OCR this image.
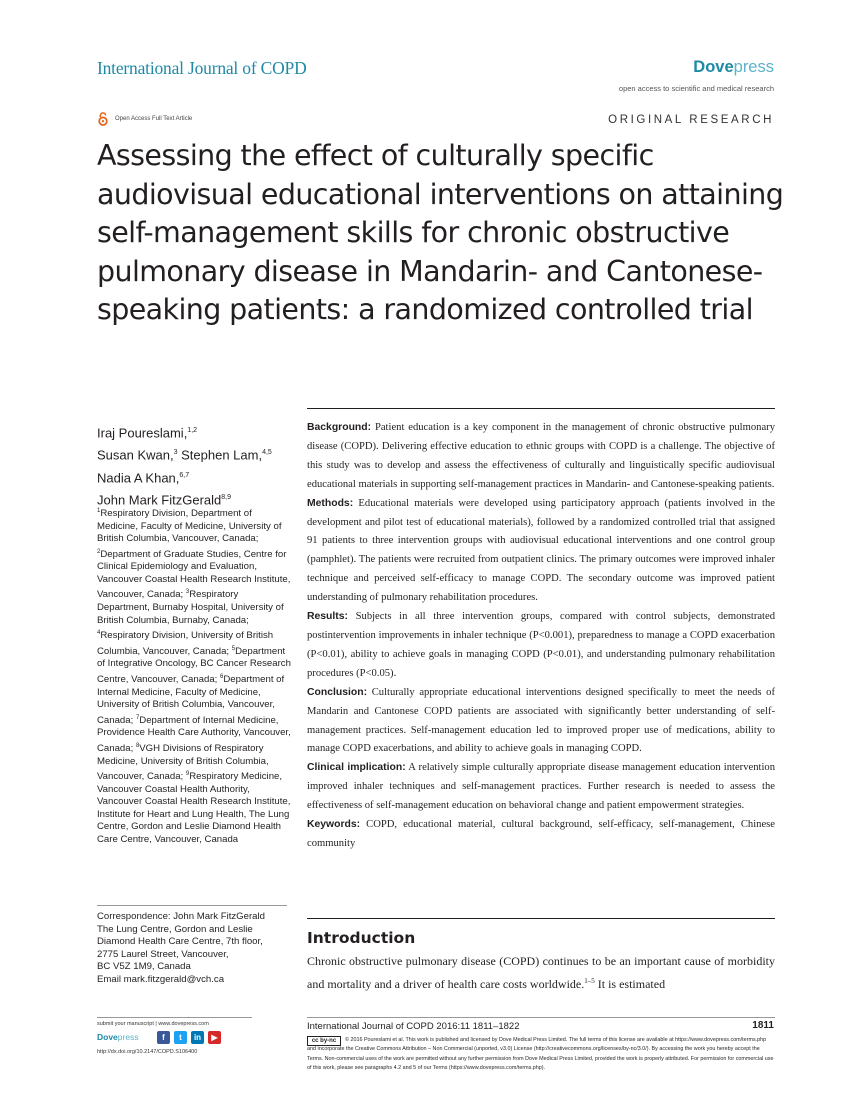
International Journal of COPD	Dovepress
open access to scientific and medical research
Open Access Full Text Article	ORIGINAL RESEARCH
Assessing the effect of culturally specific audiovisual educational interventions on attaining self-management skills for chronic obstructive pulmonary disease in Mandarin- and Cantonese-speaking patients: a randomized controlled trial
Iraj Poureslami,$^{1,2}$
Susan Kwan,$^3$ Stephen Lam,$^{4,5}$ Nadia A Khan,$^{6,7}$
John Mark FitzGerald$^{8,9}$
$^1$Respiratory Division, Department of Medicine, Faculty of Medicine, University of British Columbia, Vancouver, Canada; $^2$Department of Graduate Studies, Centre for Clinical Epidemiology and Evaluation, Vancouver Coastal Health Research Institute, Vancouver, Canada; $^3$Respiratory Department, Burnaby Hospital, University of British Columbia, Burnaby, Canada; $^4$Respiratory Division, University of British Columbia, Vancouver, Canada; $^5$Department of Integrative Oncology, BC Cancer Research Centre, Vancouver, Canada; $^6$Department of Internal Medicine, Faculty of Medicine, University of British Columbia, Vancouver, Canada; $^7$Department of Internal Medicine, Providence Health Care Authority, Vancouver, Canada; $^8$VGH Divisions of Respiratory Medicine, University of British Columbia, Vancouver, Canada; $^9$Respiratory Medicine, Vancouver Coastal Health Authority, Vancouver Coastal Health Research Institute, Institute for Heart and Lung Health, The Lung Centre, Gordon and Leslie Diamond Health Care Centre, Vancouver, Canada
Correspondence: John Mark FitzGerald
The Lung Centre, Gordon and Leslie
Diamond Health Care Centre, 7th floor,
2775 Laurel Street, Vancouver,
BC V5Z 1M9, Canada
Email mark.fitzgerald@vch.ca

Background: Patient education is a key component in the management of chronic obstructive pulmonary disease (COPD). Delivering effective education to ethnic groups with COPD is a challenge. The objective of this study was to develop and assess the effectiveness of culturally and linguistically specific audiovisual educational materials in supporting self-management practices in Mandarin- and Cantonese-speaking patients.

Methods: Educational materials were developed using participatory approach (patients involved in the development and pilot test of educational materials), followed by a randomized controlled trial that assigned 91 patients to three intervention groups with audiovisual educational interventions and one control group (pamphlet). The patients were recruited from outpatient clinics. The primary outcomes were improved inhaler technique and perceived self-efficacy to manage COPD. The secondary outcome was improved patient understanding of pulmonary rehabilitation procedures.

Results: Subjects in all three intervention groups, compared with control subjects, demonstrated postintervention improvements in inhaler technique (P<0.001), preparedness to manage a COPD exacerbation (P<0.01), ability to achieve goals in managing COPD (P<0.01), and understanding pulmonary rehabilitation procedures (P<0.05).

Conclusion: Culturally appropriate educational interventions designed specifically to meet the needs of Mandarin and Cantonese COPD patients are associated with significantly better understanding of self-management practices. Self-management education led to improved proper use of medications, ability to manage COPD exacerbations, and ability to achieve goals in managing COPD.

Clinical implication: A relatively simple culturally appropriate disease management education intervention improved inhaler techniques and self-management practices. Further research is needed to assess the effectiveness of self-management education on behavioral change and patient empowerment strategies.

Keywords: COPD, educational material, cultural background, self-efficacy, self-management, Chinese community

Introduction
Chronic obstructive pulmonary disease (COPD) continues to be an important cause of morbidity and mortality and a driver of health care costs worldwide.$^{1-5}$ It is estimated
submit your manuscript | www.dovepress.com
Dovepress	f	t	in	▶
http://dx.doi.org/10.2147/COPD.S106400
International Journal of COPD 2016:11 1811–1822	1811
cc by-nc	© 2016 Poureslami et al. This work is published and licensed by Dove Medical Press Limited. The full terms of this license are available at https://www.dovepress.com/terms.php and incorporate the Creative Commons Attribution – Non Commercial (unported, v3.0) License (http://creativecommons.org/licenses/by-nc/3.0/). By accessing the work you hereby accept the Terms. Non-commercial uses of the work are permitted without any further permission from Dove Medical Press Limited, provided the work is properly attributed. For permission for commercial use of this work, please see paragraphs 4.2 and 5 of our Terms (https://www.dovepress.com/terms.php).
